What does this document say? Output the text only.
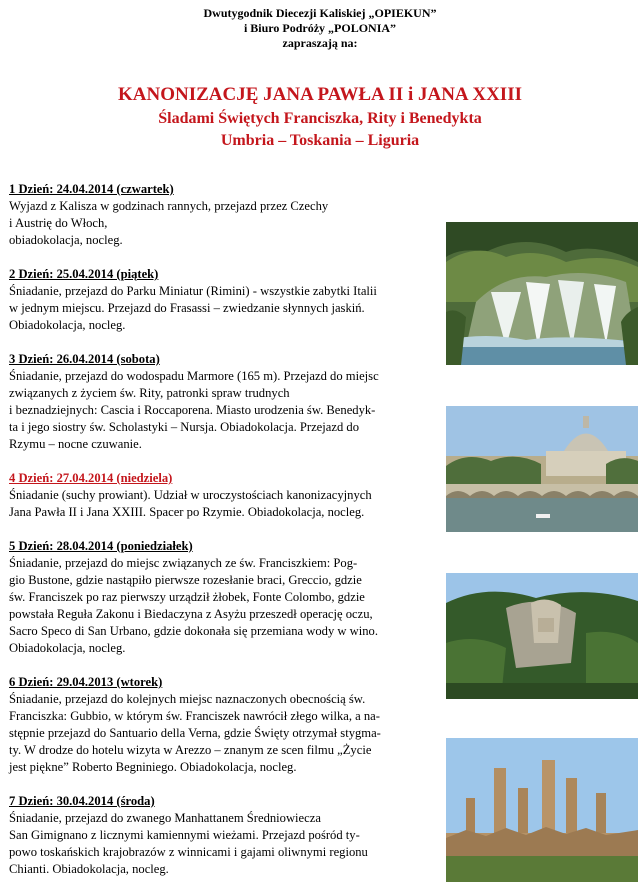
Dwutygodnik Diecezji Kaliskiej „OPIEKUN”
i Biuro Podróży „POLONIA”
zapraszają na:
KANONIZACJĘ JANA PAWŁA II i JANA XXIII
Śladami Świętych Franciszka, Rity i Benedykta
Umbria – Toskania – Liguria
1 Dzień: 24.04.2014 (czwartek)

Wyjazd z Kalisza w godzinach rannych, przejazd przez Czechy

i Austrię do Włoch,

obiadokolacja, nocleg.

2 Dzień: 25.04.2014 (piątek)

Śniadanie, przejazd do Parku Miniatur (Rimini) - wszystkie zabytki Italii

w jednym miejscu. Przejazd do Frasassi – zwiedzanie słynnych jaskiń.

Obiadokolacja, nocleg.

3 Dzień: 26.04.2014 (sobota)

Śniadanie, przejazd do wodospadu Marmore (165 m). Przejazd do miejsc

związanych z życiem św. Rity, patronki spraw trudnych

i beznadziejnych: Cascia i Roccaporena. Miasto urodzenia św. Benedyk-

ta i jego siostry św. Scholastyki – Nursja. Obiadokolacja. Przejazd do

Rzymu – nocne czuwanie.

4 Dzień: 27.04.2014 (niedziela)

Śniadanie (suchy prowiant). Udział w uroczystościach kanonizacyjnych

Jana Pawła II i Jana XXIII. Spacer po Rzymie. Obiadokolacja, nocleg.

5 Dzień: 28.04.2014 (poniedziałek)

Śniadanie, przejazd do miejsc związanych ze św. Franciszkiem: Pog-

gio Bustone, gdzie nastąpiło pierwsze rozesłanie braci, Greccio, gdzie

św. Franciszek po raz pierwszy urządził żłobek, Fonte Colombo, gdzie

powstała Reguła Zakonu i Biedaczyna z Asyżu przeszedł operację oczu,

Sacro Speco di San Urbano, gdzie dokonała się przemiana wody w wino.

Obiadokolacja, nocleg.

6 Dzień: 29.04.2013 (wtorek)

Śniadanie, przejazd do kolejnych miejsc naznaczonych obecnością św.

Franciszka: Gubbio, w którym św. Franciszek nawrócił złego wilka, a na-

stępnie przejazd do Santuario della Verna, gdzie Święty otrzymał stygma-

ty. W drodze do hotelu wizyta w Arezzo – znanym ze scen filmu „Życie

jest piękne” Roberto Begniniego. Obiadokolacja, nocleg.

7 Dzień: 30.04.2014 (środa)

Śniadanie, przejazd do zwanego Manhattanem Średniowiecza

San Gimignano z licznymi kamiennymi wieżami. Przejazd pośród ty-

powo toskańskich krajobrazów z winnicami i gajami oliwnymi regionu

Chianti. Obiadokolacja, nocleg.
